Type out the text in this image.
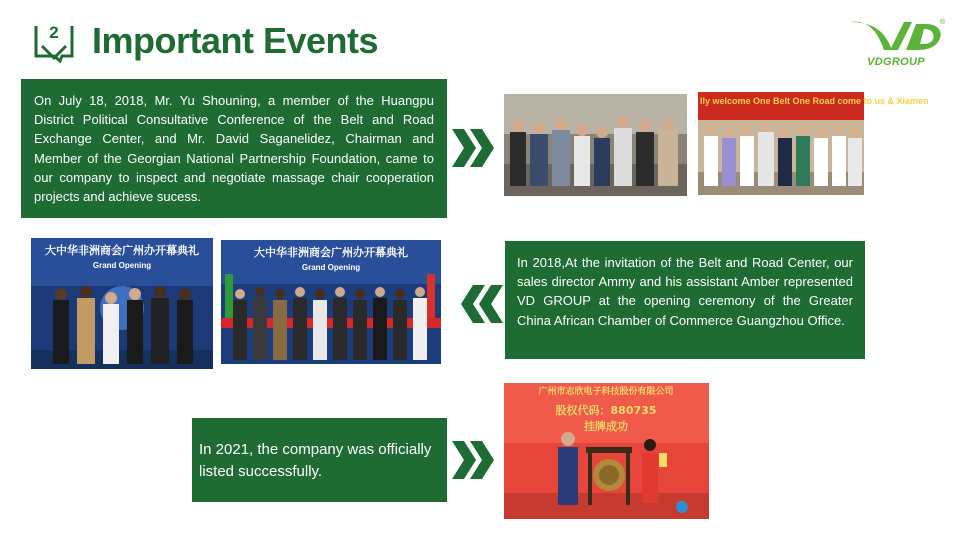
2 Important Events	®
VDGROUP
On July 18, 2018, Mr. Yu Shouning, a member of the Huangpu District Political Consultative Conference of the Belt and Road Exchange Center, and Mr. David Saganelidez, Chairman and Member of the Georgian National Partnership Foundation, came to our company to inspect and negotiate massage chair cooperation projects and achieve sucess.
lly welcome One Belt One Road come to us & Xiamen
大中华非洲商会广州办开幕典礼
Grand Opening
大中华非洲商会广州办开幕典礼
Grand Opening	In 2018,At the invitation of the Belt and Road Center, our sales director Ammy and his assistant Amber represented VD GROUP at the opening ceremony of the Greater China African Chamber of Commerce Guangzhou Office.
In 2021, the company was officially listed successfully.
广州市志欣电子科技股份有限公司
股权代码：880735
挂牌成功
